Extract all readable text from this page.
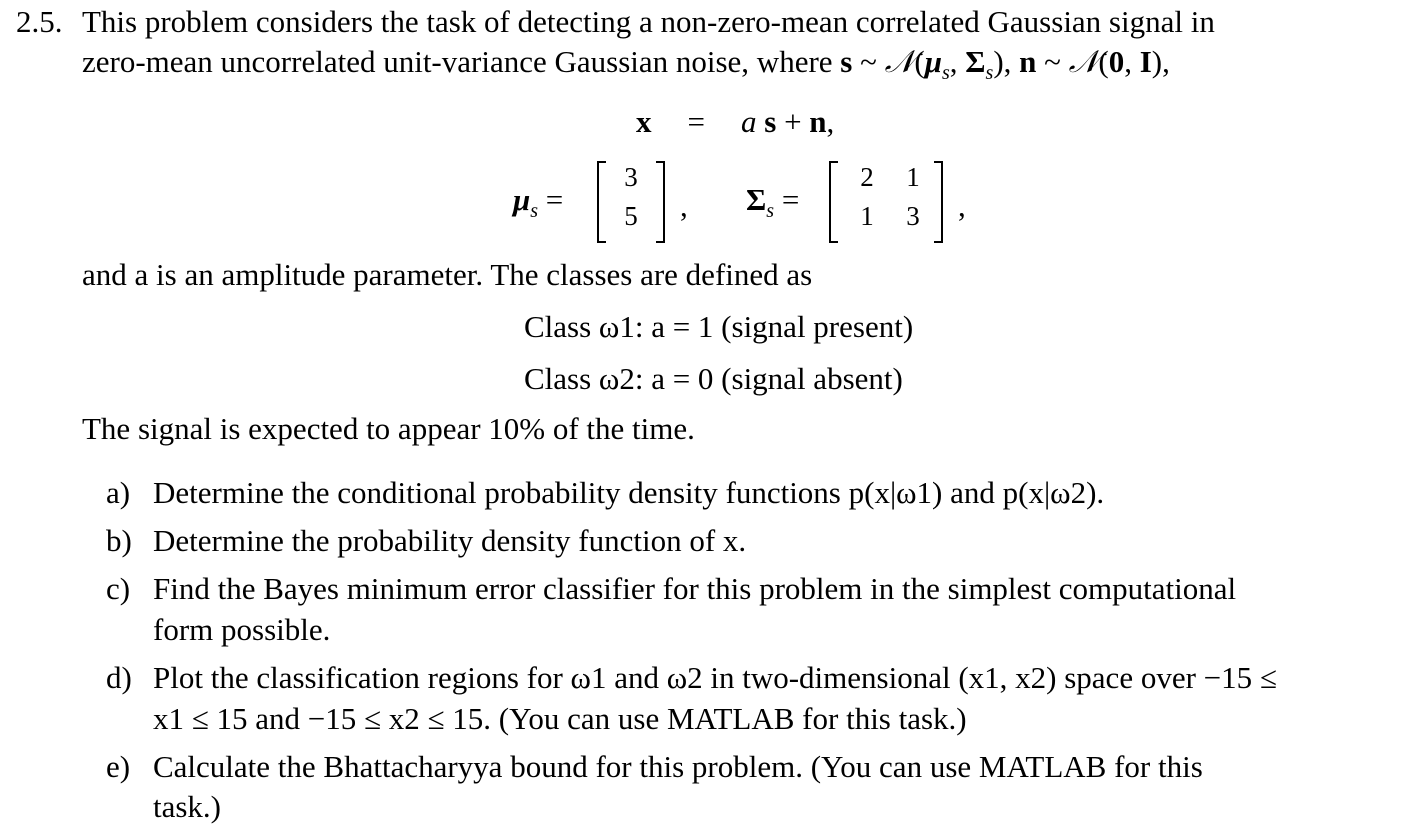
2.5. This problem considers the task of detecting a non-zero-mean correlated Gaussian signal in
zero-mean uncorrelated unit-variance Gaussian noise, where s ~ $𝒩(\mu_s$, $\Sigma_s$), n ~ 𝒩(0, I),
x = a s + n,
$\mu_s$ =
3
5 , $\Sigma_s$ =
2	1
1	3 ,
and a is an amplitude parameter. The classes are defined as
Class ω1: a = 1 (signal present)
Class ω2: a = 0 (signal absent)
The signal is expected to appear 10% of the time.
a) Determine the conditional probability density functions p(x|ω1) and p(x|ω2).
b) Determine the probability density function of x.
c) Find the Bayes minimum error classifier for this problem in the simplest computational
form possible.
d) Plot the classification regions for ω1 and ω2 in two-dimensional (x1, x2) space over −15 ≤
x1 ≤ 15 and −15 ≤ x2 ≤ 15. (You can use MATLAB for this task.)
e) Calculate the Bhattacharyya bound for this problem. (You can use MATLAB for this
task.)
